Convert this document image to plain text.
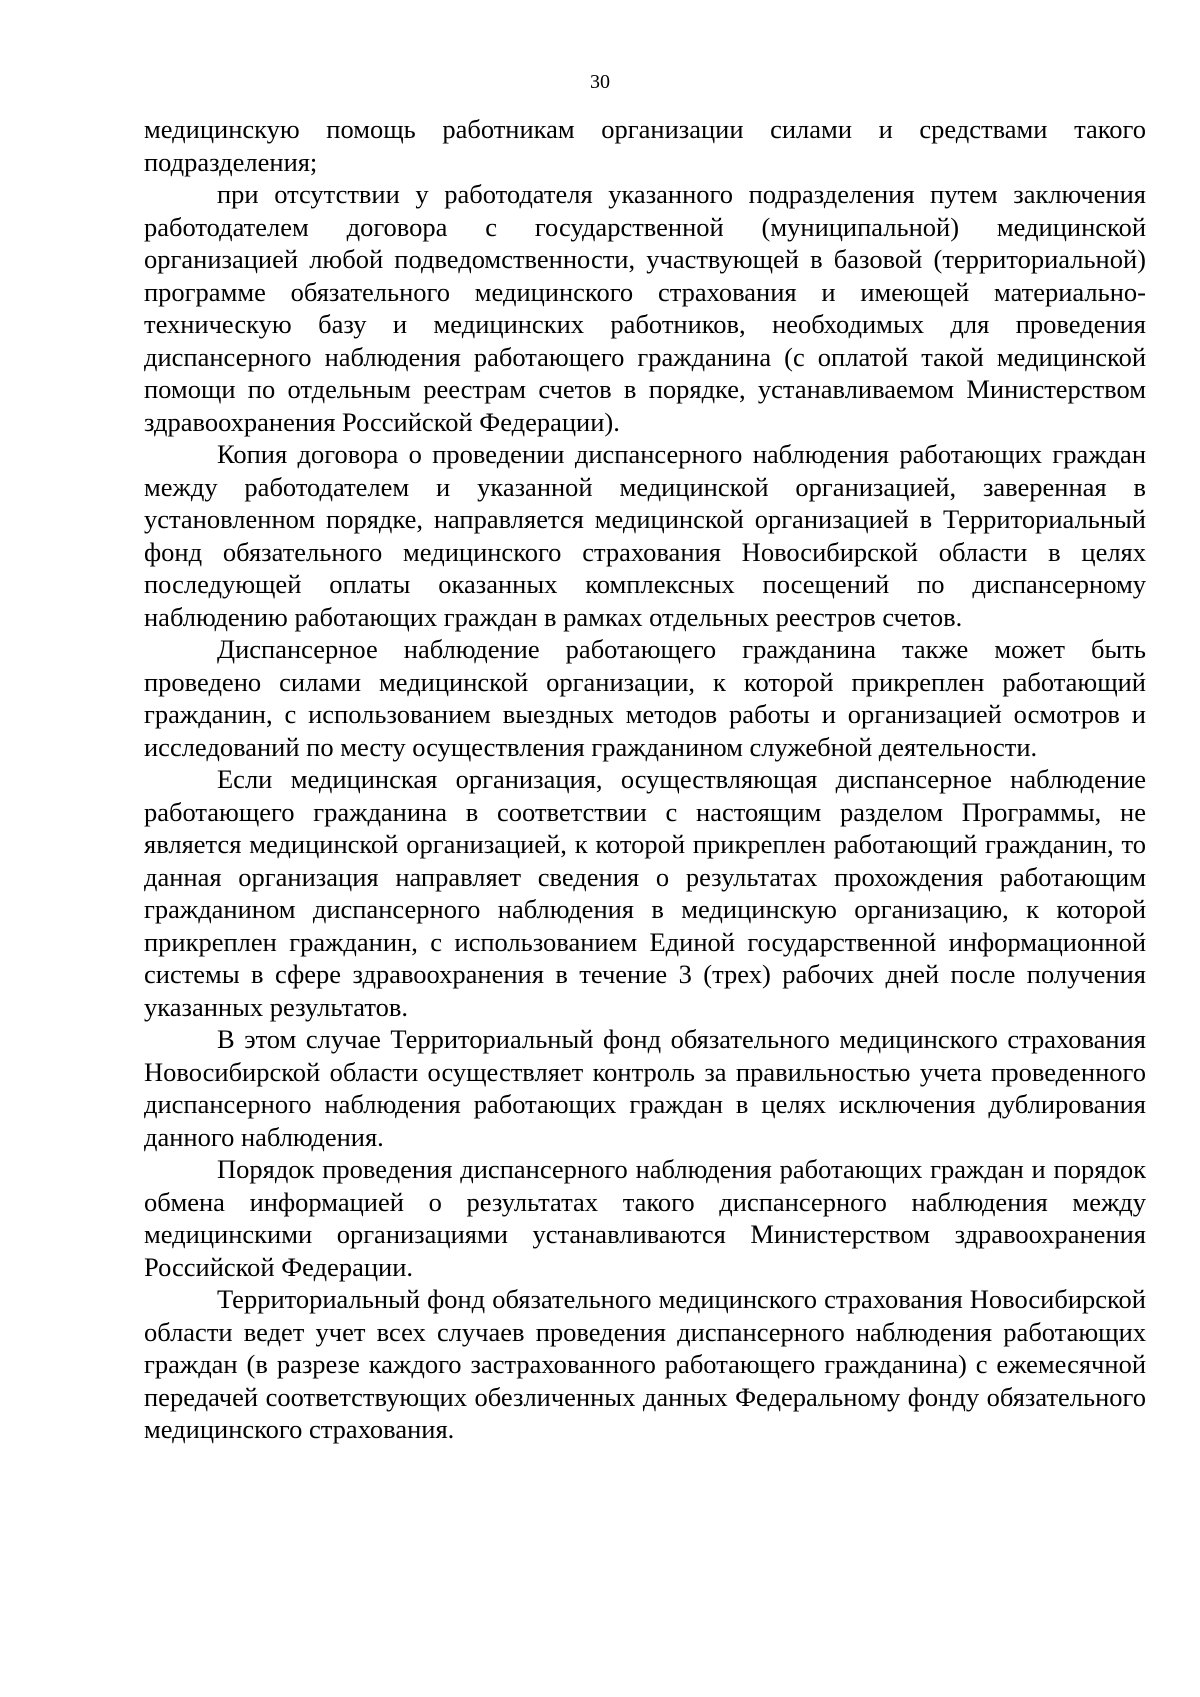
30

медицинскую помощь работникам организации силами и средствами такого подразделения;

при отсутствии у работодателя указанного подразделения путем заключения работодателем договора с государственной (муниципальной) медицинской организацией любой подведомственности, участвующей в базовой (территориальной) программе обязательного медицинского страхования и имеющей материально-техническую базу и медицинских работников, необходимых для проведения диспансерного наблюдения работающего гражданина (с оплатой такой медицинской помощи по отдельным реестрам счетов в порядке, устанавливаемом Министерством здравоохранения Российской Федерации).

Копия договора о проведении диспансерного наблюдения работающих граждан между работодателем и указанной медицинской организацией, заверенная в установленном порядке, направляется медицинской организацией в Территориальный фонд обязательного медицинского страхования Новосибирской области в целях последующей оплаты оказанных комплексных посещений по диспансерному наблюдению работающих граждан в рамках отдельных реестров счетов.

Диспансерное наблюдение работающего гражданина также может быть проведено силами медицинской организации, к которой прикреплен работающий гражданин, с использованием выездных методов работы и организацией осмотров и исследований по месту осуществления гражданином служебной деятельности.

Если медицинская организация, осуществляющая диспансерное наблюдение работающего гражданина в соответствии с настоящим разделом Программы, не является медицинской организацией, к которой прикреплен работающий гражданин, то данная организация направляет сведения о результатах прохождения работающим гражданином диспансерного наблюдения в медицинскую организацию, к которой прикреплен гражданин, с использованием Единой государственной информационной системы в сфере здравоохранения в течение 3 (трех) рабочих дней после получения указанных результатов.

В этом случае Территориальный фонд обязательного медицинского страхования Новосибирской области осуществляет контроль за правильностью учета проведенного диспансерного наблюдения работающих граждан в целях исключения дублирования данного наблюдения.

Порядок проведения диспансерного наблюдения работающих граждан и порядок обмена информацией о результатах такого диспансерного наблюдения между медицинскими организациями устанавливаются Министерством здравоохранения Российской Федерации.

Территориальный фонд обязательного медицинского страхования Новосибирской области ведет учет всех случаев проведения диспансерного наблюдения работающих граждан (в разрезе каждого застрахованного работающего гражданина) с ежемесячной передачей соответствующих обезличенных данных Федеральному фонду обязательного медицинского страхования.
